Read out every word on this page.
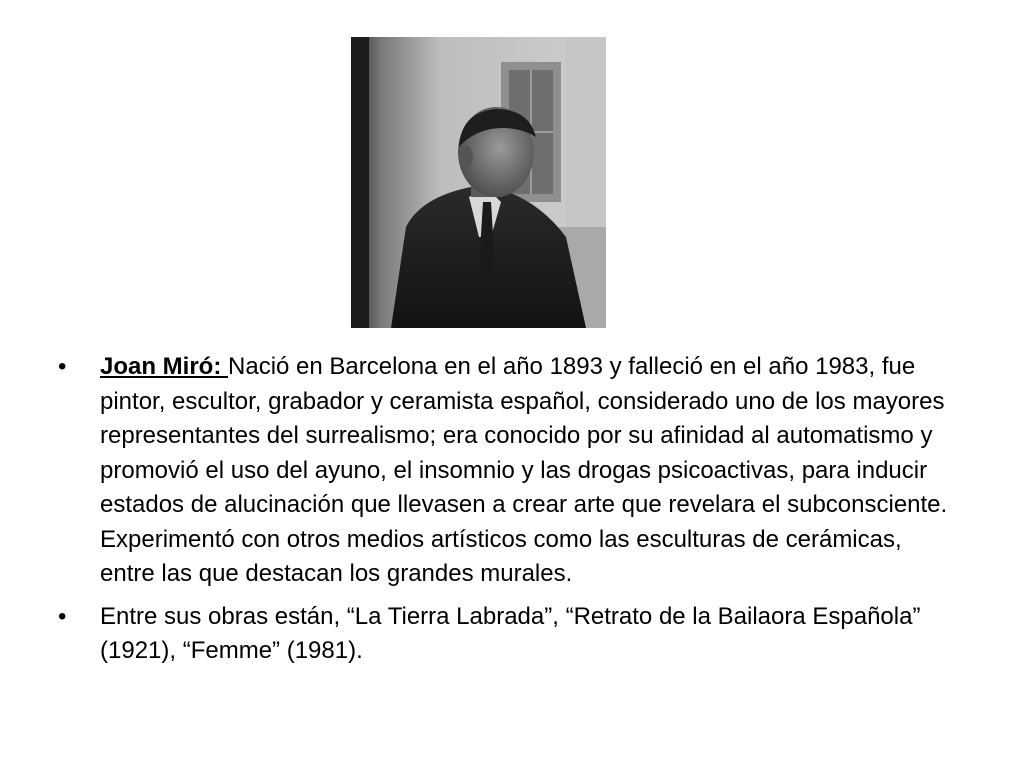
• Joan Miró: Nació en Barcelona en el año 1893 y falleció en el año 1983, fue pintor, escultor, grabador y ceramista español, considerado uno de los mayores representantes del surrealismo; era conocido por su afinidad al automatismo y promovió el uso del ayuno, el insomnio y las drogas psicoactivas, para inducir estados de alucinación que llevasen a crear arte que revelara el subconsciente. Experimentó con otros medios artísticos como las esculturas de cerámicas, entre las que destacan los grandes murales.
• Entre sus obras están, “La Tierra Labrada”, “Retrato de la Bailaora Española” (1921), “Femme” (1981).
